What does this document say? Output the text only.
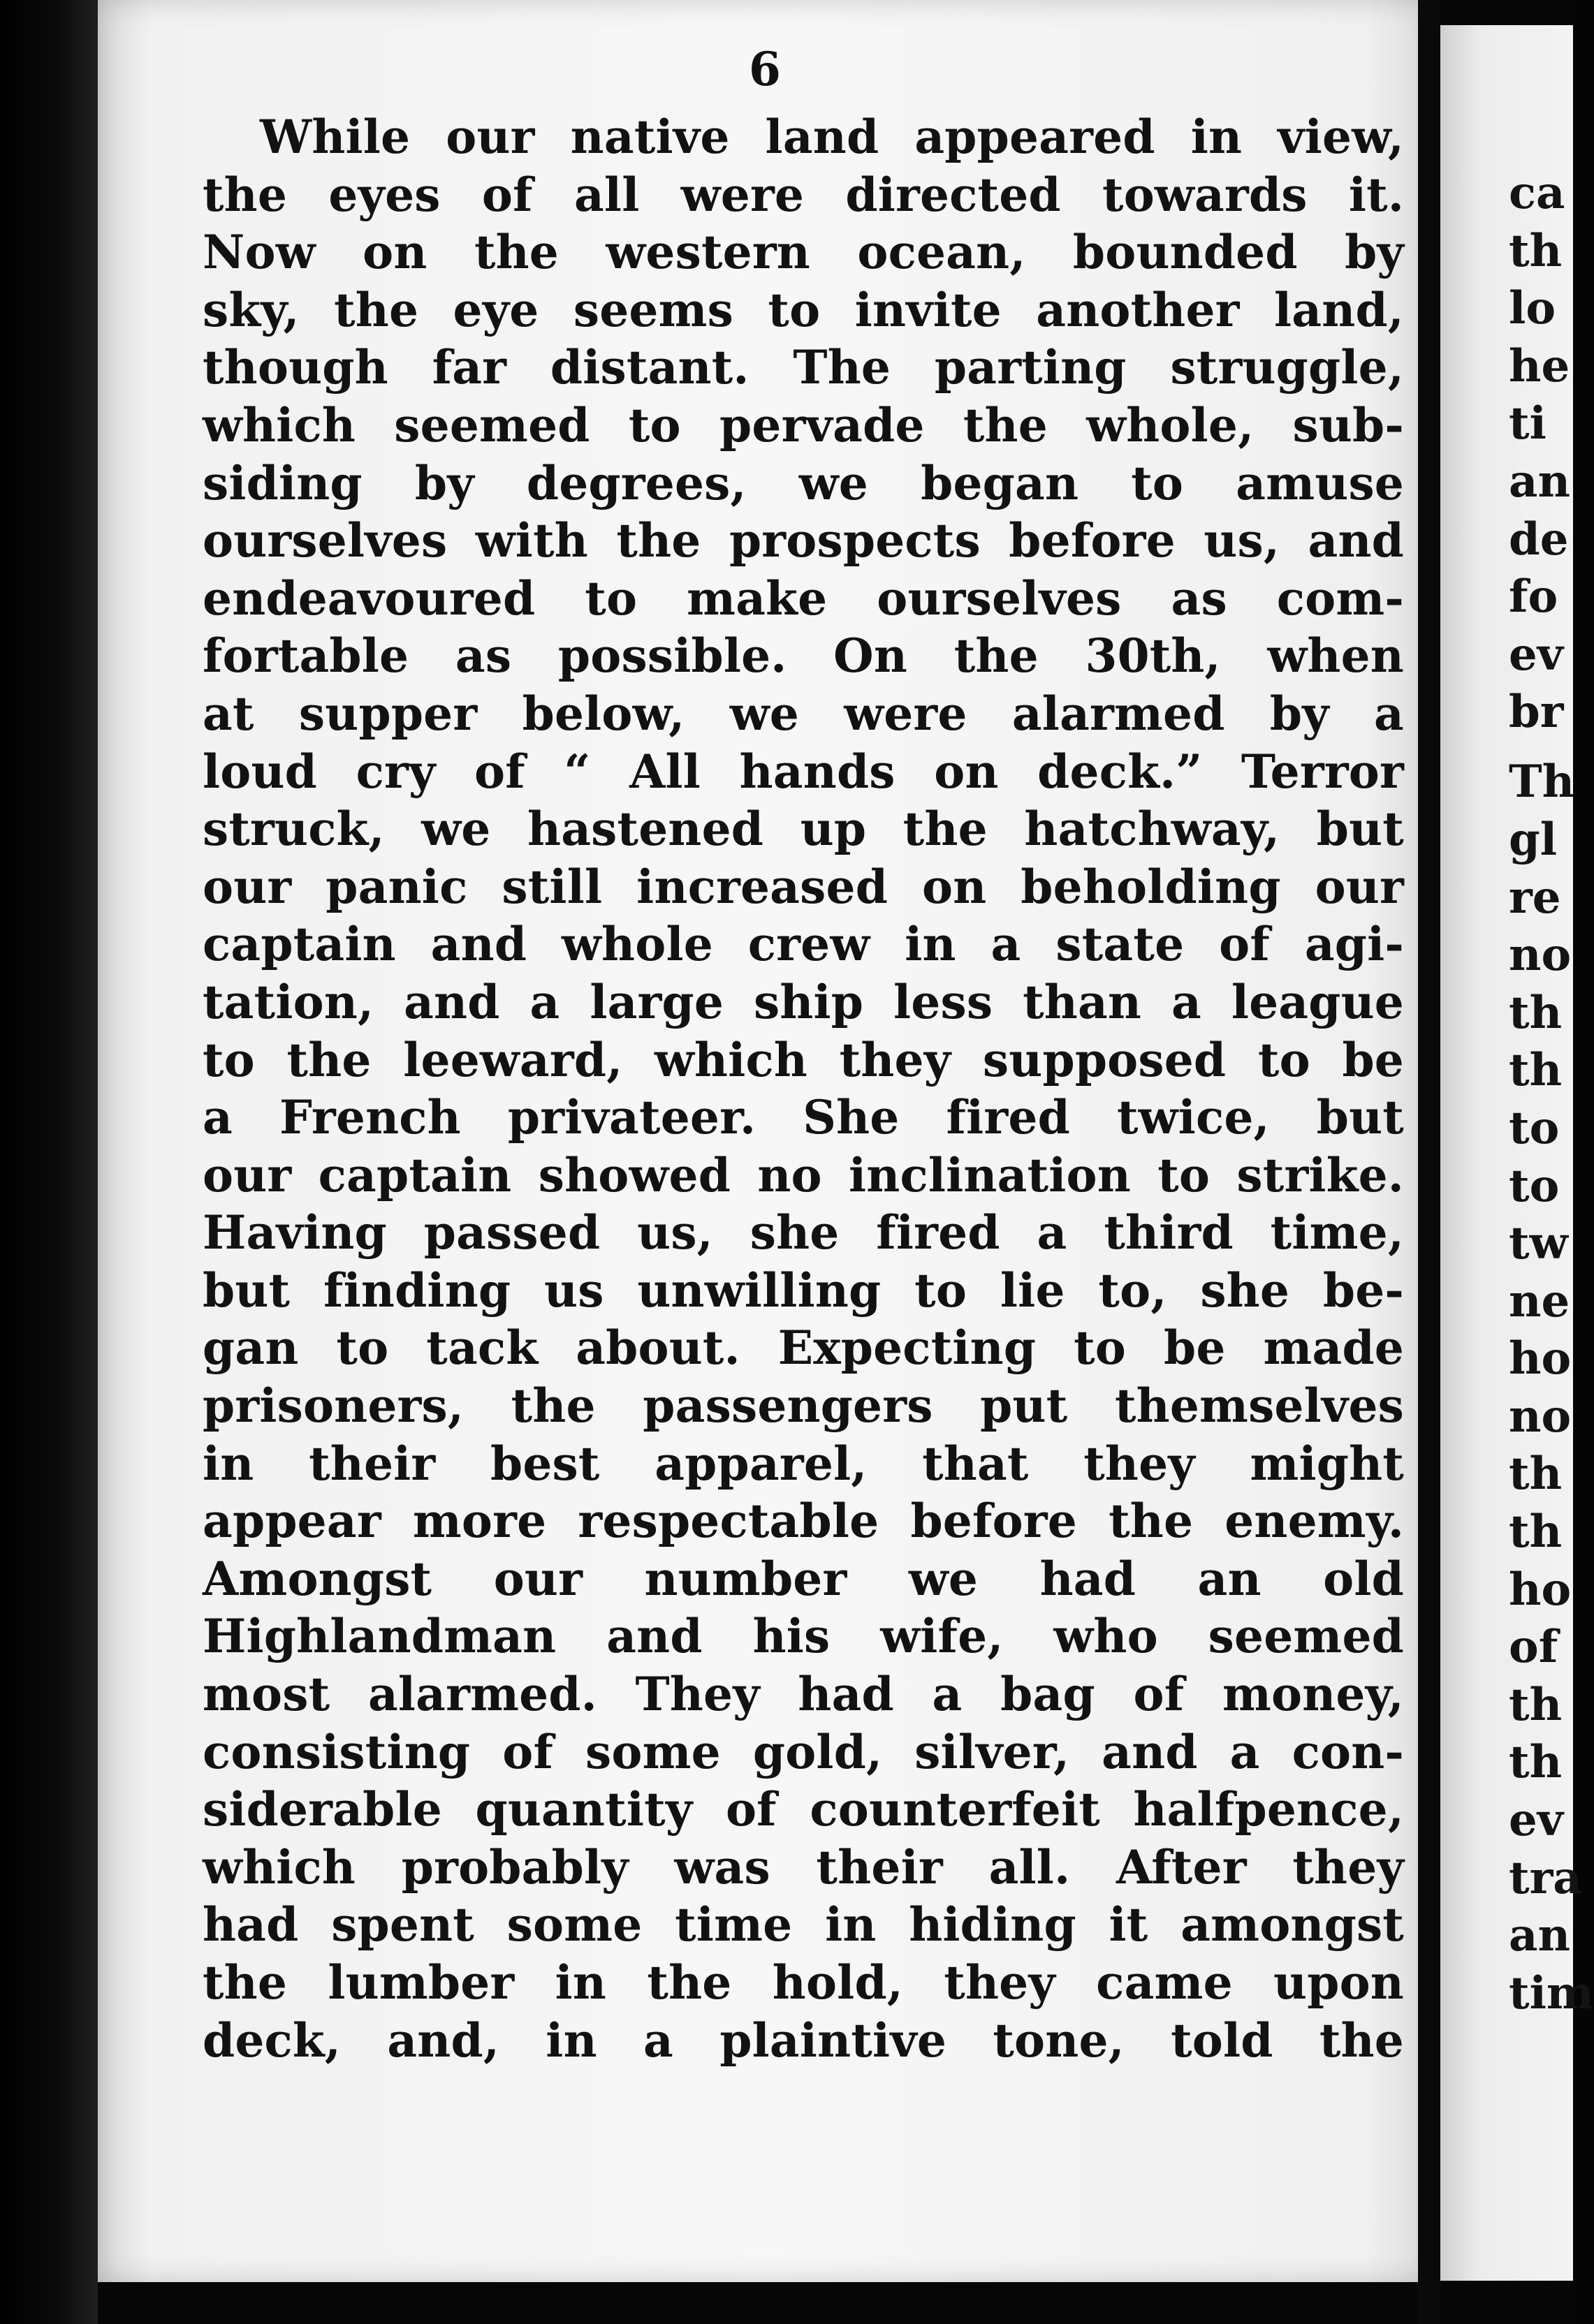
6

While our native land appeared in view,
the eyes of all were directed towards it.
Now on the western ocean, bounded by
sky, the eye seems to invite another land,
though far distant. The parting struggle,
which seemed to pervade the whole, sub-
siding by degrees, we began to amuse
ourselves with the prospects before us, and
endeavoured to make ourselves as com-
fortable as possible. On the 30th, when
at supper below, we were alarmed by a
loud cry of “ All hands on deck.” Terror
struck, we hastened up the hatchway, but
our panic still increased on beholding our
captain and whole crew in a state of agi-
tation, and a large ship less than a league
to the leeward, which they supposed to be
a French privateer. She fired twice, but
our captain showed no inclination to strike.
Having passed us, she fired a third time,
but finding us unwilling to lie to, she be-
gan to tack about. Expecting to be made
prisoners, the passengers put themselves
in their best apparel, that they might
appear more respectable before the enemy.
Amongst our number we had an old
Highlandman and his wife, who seemed
most alarmed. They had a bag of money,
consisting of some gold, silver, and a con-
siderable quantity of counterfeit halfpence,
which probably was their all. After they
had spent some time in hiding it amongst
the lumber in the hold, they came upon
deck, and, in a plaintive tone, told the
ca
th
lo
he
ti
an
de
fo
ev
br
Th
gl
re
no
th
th
to
to
tw
ne
ho
no
th
th
ho
of
th
th
ev
tra
an
tim
